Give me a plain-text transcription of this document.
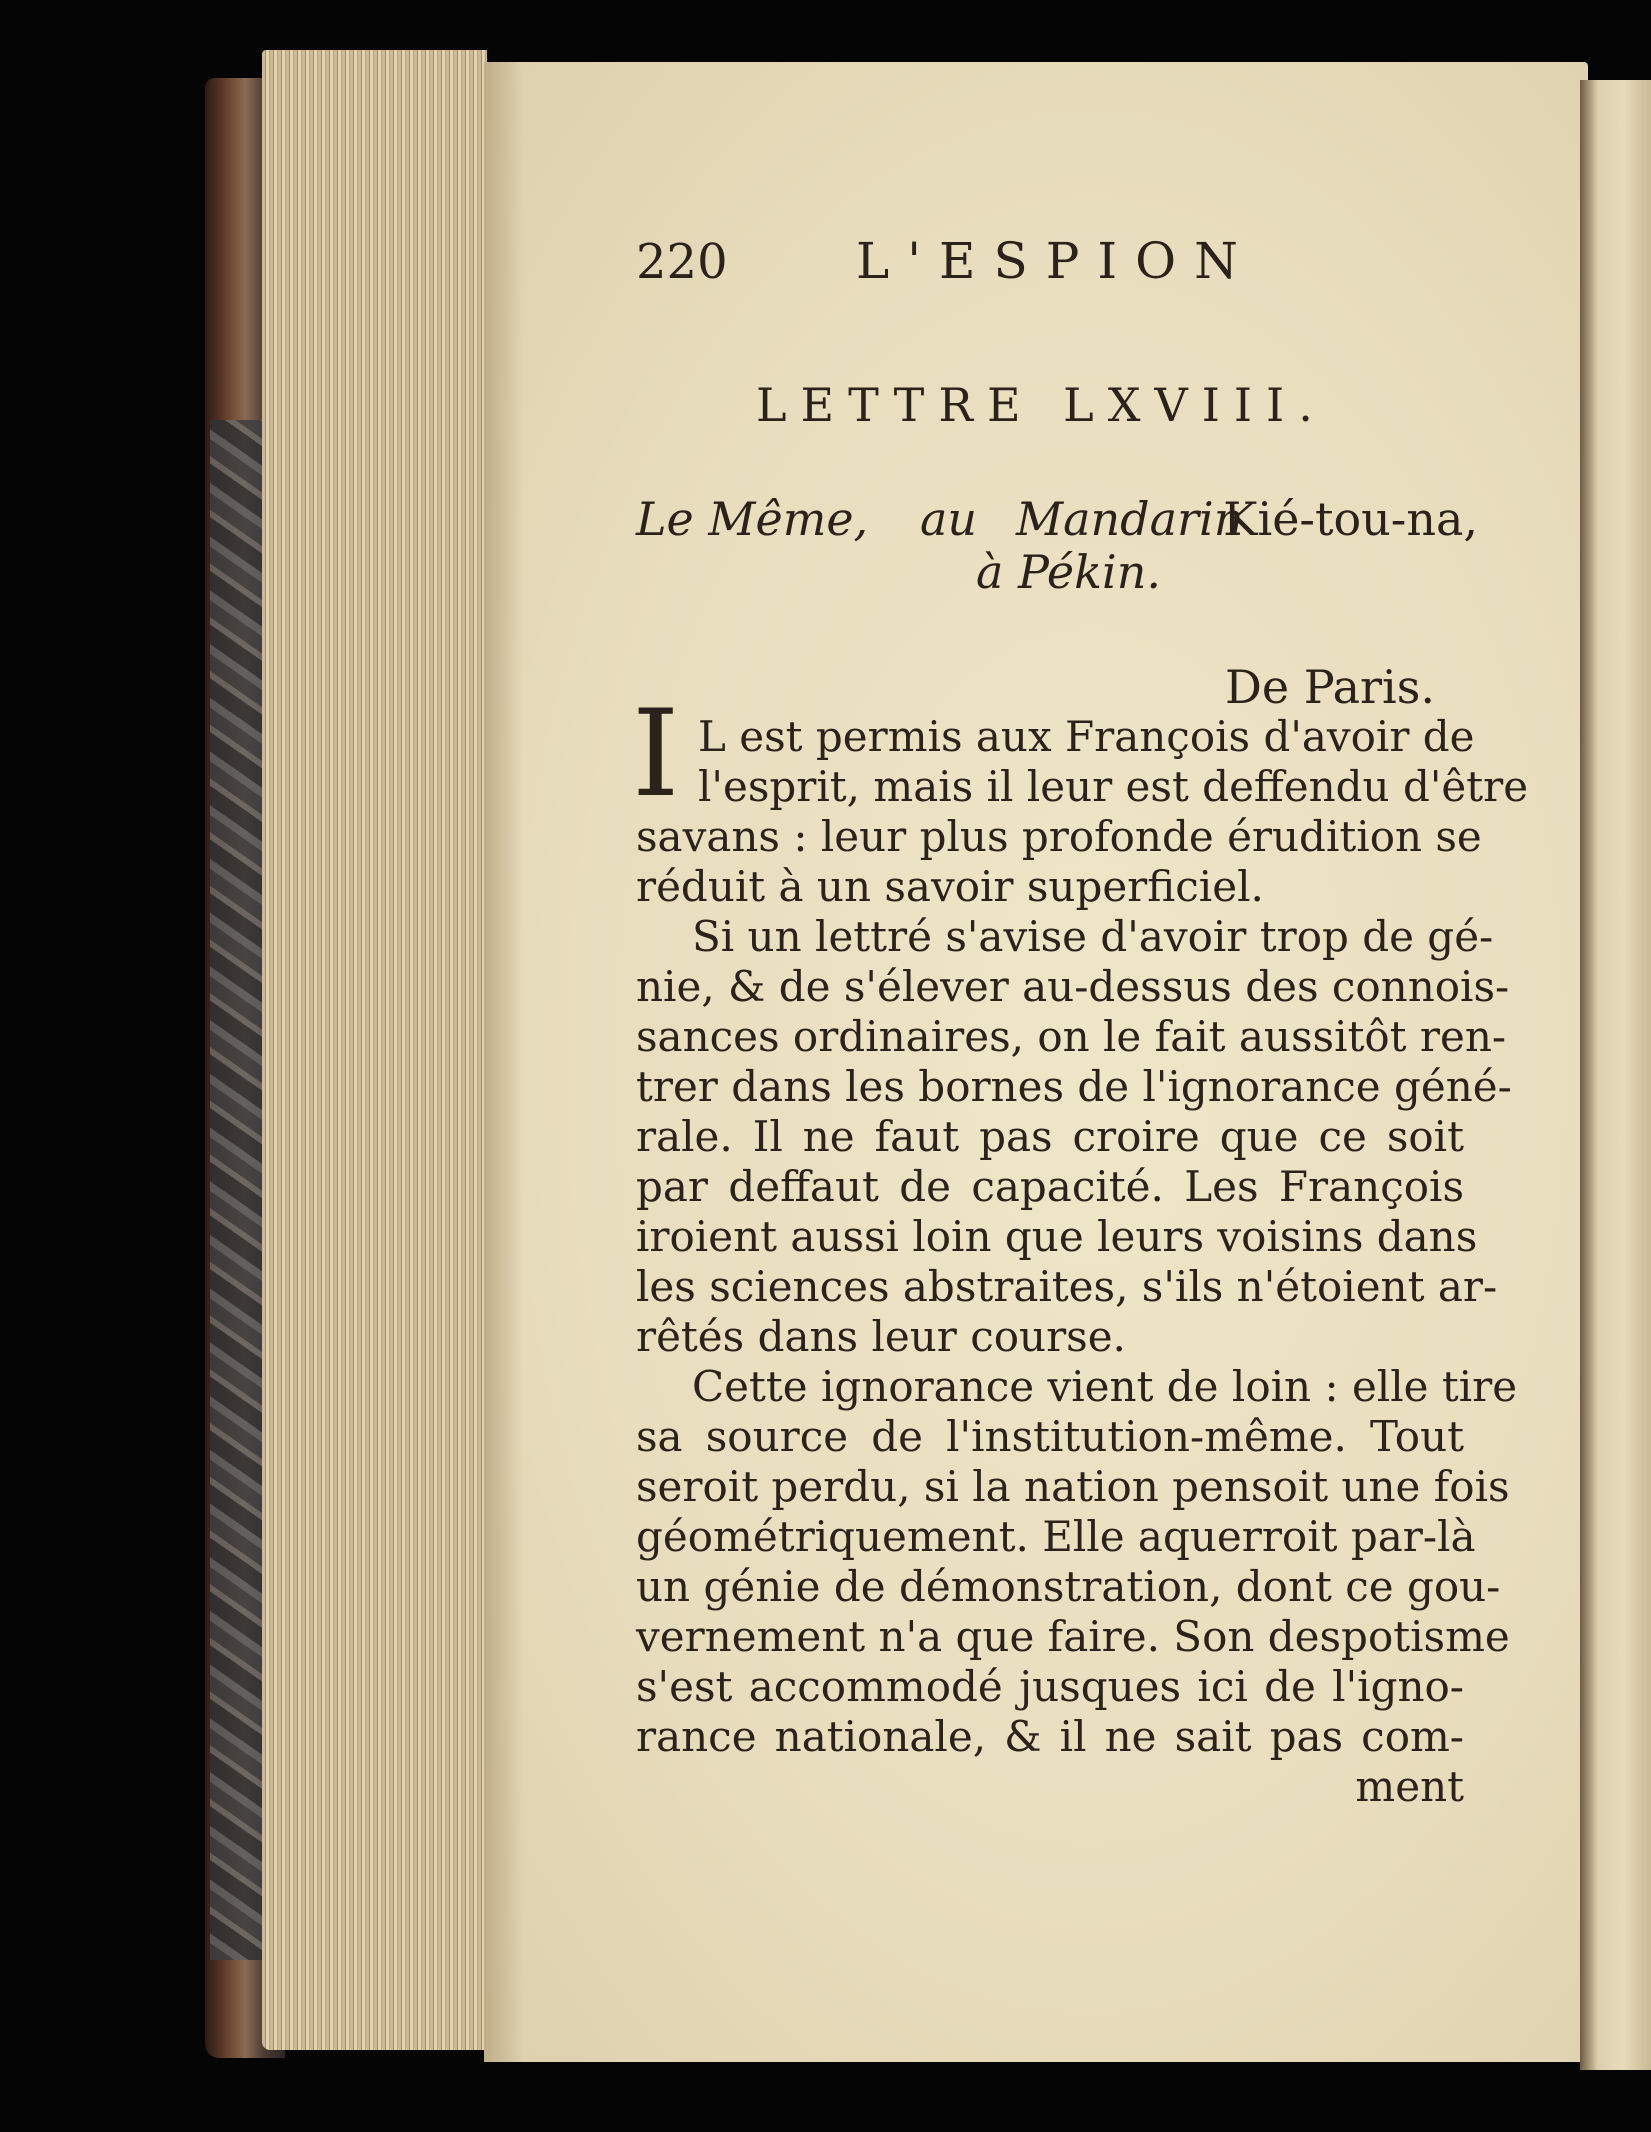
220	L'ESPION
LETTRE LXVIII.
Le Même, au Mandarin
Kié-tou-na,
à Pékin.
De Paris.
I L est permis aux François d'avoir de
l'esprit, mais il leur est deffendu d'être
savans : leur plus profonde érudition se
réduit à un savoir superficiel.
Si un lettré s'avise d'avoir trop de gé-
nie, & de s'élever au-dessus des connois-
sances ordinaires, on le fait aussitôt ren-
trer dans les bornes de l'ignorance géné-
rale. Il ne faut pas croire que ce soit
par deffaut de capacité. Les François
iroient aussi loin que leurs voisins dans
les sciences abstraites, s'ils n'étoient ar-
rêtés dans leur course.
Cette ignorance vient de loin : elle tire
sa source de l'institution-même. Tout
seroit perdu, si la nation pensoit une fois
géométriquement. Elle aquerroit par-là
un génie de démonstration, dont ce gou-
vernement n'a que faire. Son despotisme
s'est accommodé jusques ici de l'igno-
rance nationale, & il ne sait pas com-
ment
